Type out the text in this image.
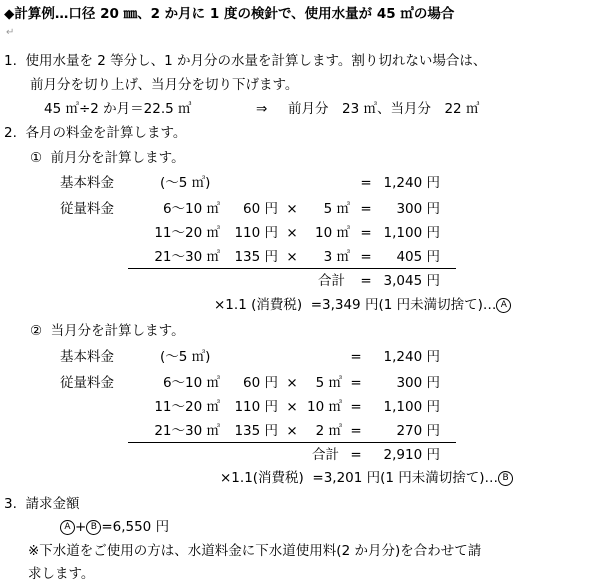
◆計算例…口径 20 ㎜、2 か月に 1 度の検針で、使用水量が 45 ㎥の場合
↵
1.  使用水量を 2 等分し、1 か月分の水量を計算します。割り切れない場合は、
前月分を切り上げ、当月分を切り下げます。
45 ㎥÷2 か月＝22.5 ㎥	⇒ 前月分　23 ㎥、当月分　22 ㎥
2.  各月の料金を計算します。
①  前月分を計算します。
基本料金	(～5 ㎥)	= 1,240 円
従量料金	6～10 ㎥	60 円 ×	5 ㎥ =	300 円
11～20 ㎥	110 円 ×	10 ㎥ = 1,100 円
21～30 ㎥	135 円 ×	3 ㎥ =	405 円
合計	= 3,045 円
×1.1 (消費税)  =3,349 円(1 円未満切捨て)… A
②  当月分を計算します。
基本料金	(～5 ㎥)	=	1,240 円
従量料金	6～10 ㎥	60 円 ×	5 ㎥ =	300 円
11～20 ㎥	110 円 × 10 ㎥ =	1,100 円
21～30 ㎥	135 円 ×	2 ㎥ =	270 円
合計 =	2,910 円
×1.1(消費税)  =3,201 円(1 円未満切捨て)… B
3.  請求金額
A + B =6,550 円
※下水道をご使用の方は、水道料金に下水道使用料(2 か月分)を合わせて請
求します。
